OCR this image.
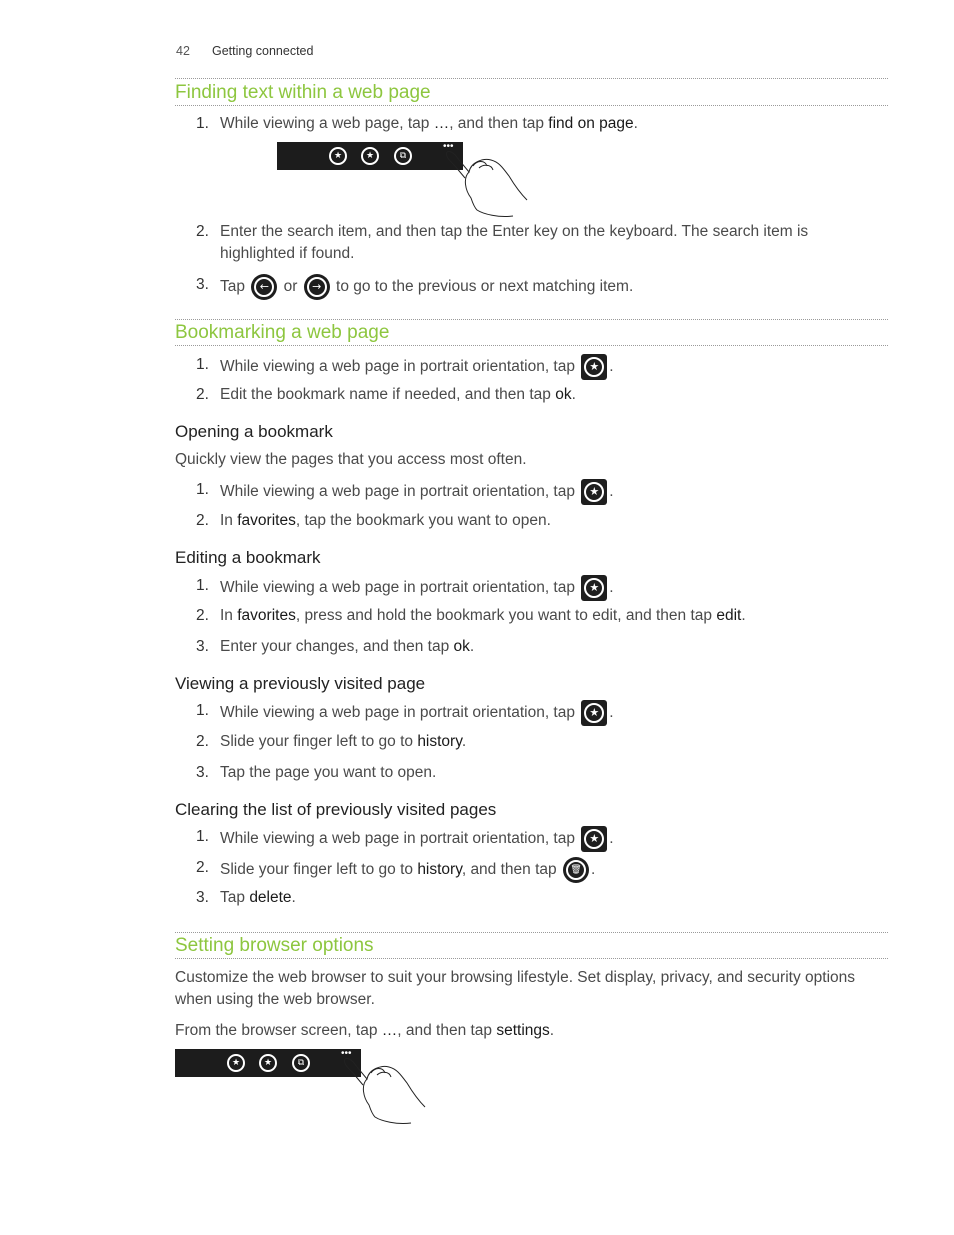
42 Getting connected
Finding text within a web page
1. While viewing a web page, tap …, and then tap find on page.
★	★	⧉
•••
2. Enter the search item, and then tap the Enter key on the keyboard. The search item is highlighted if found.
3. Tap ← or → to go to the previous or next matching item.
Bookmarking a web page
1. While viewing a web page in portrait orientation, tap ★ .
2. Edit the bookmark name if needed, and then tap ok.
Opening a bookmark
Quickly view the pages that you access most often.
1. While viewing a web page in portrait orientation, tap ★ .
2. In favorites, tap the bookmark you want to open.
Editing a bookmark
1. While viewing a web page in portrait orientation, tap ★ .
2. In favorites, press and hold the bookmark you want to edit, and then tap edit.
3. Enter your changes, and then tap ok.
Viewing a previously visited page
1. While viewing a web page in portrait orientation, tap ★ .
2. Slide your finger left to go to history.
3. Tap the page you want to open.
Clearing the list of previously visited pages
1. While viewing a web page in portrait orientation, tap ★ .
2. Slide your finger left to go to history, and then tap	🗑 .
3. Tap delete.
Setting browser options
Customize the web browser to suit your browsing lifestyle. Set display, privacy, and security options when using the web browser.
From the browser screen, tap …, and then tap settings.
★	★	⧉
•••
